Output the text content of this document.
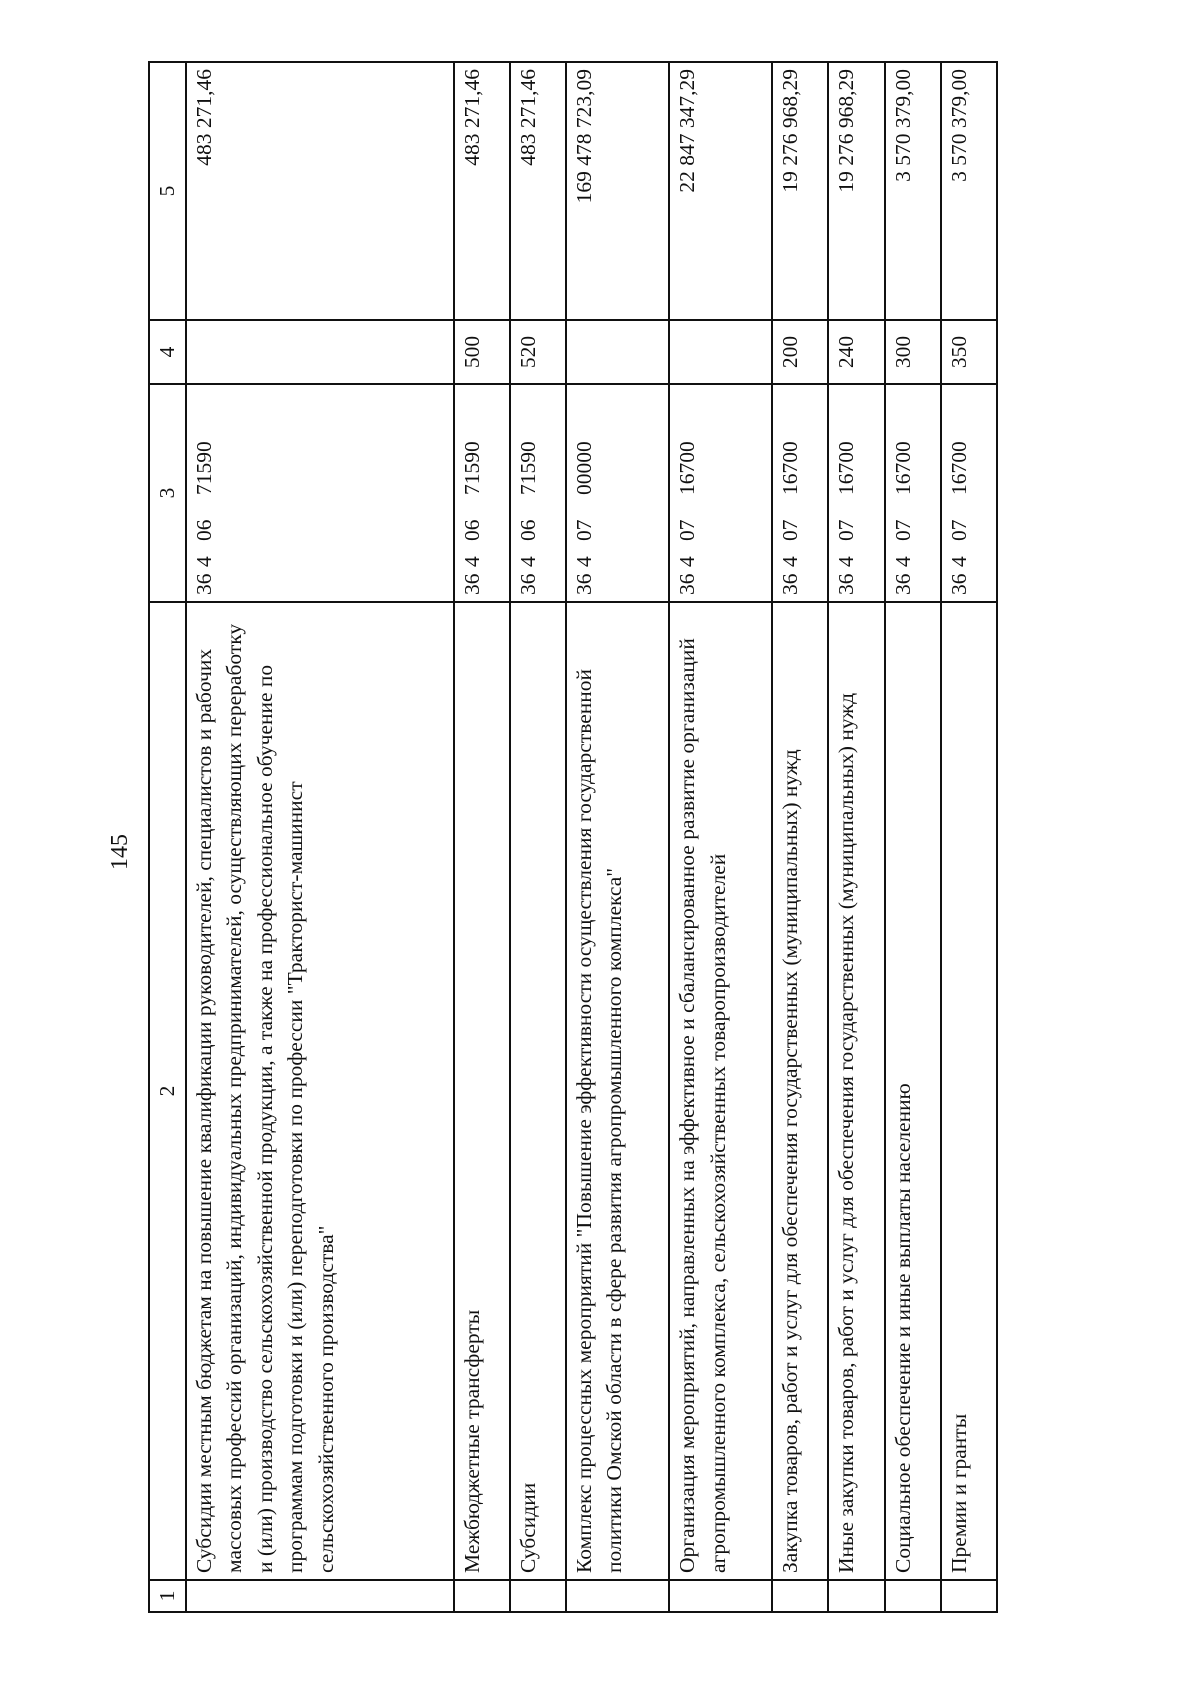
145
1	2	3	4	5
	Субсидии местным бюджетам на повышение квалификации руководителей, специалистов и рабочих массовых профессий организаций, индивидуальных предпринимателей, осуществляющих переработку и (или) производство сельскохозяйственной продукции, а также на профессиональное обучение по программам подготовки и (или) переподготовки по профессии "Тракторист-машинист сельскохозяйственного производства"	3640671590		483 271,46
	Межбюджетные трансферты	3640671590	500	483 271,46
	Субсидии	3640671590	520	483 271,46
	Комплекс процессных мероприятий "Повышение эффективности осуществления государственной политики Омской области в сфере развития агропромышленного комплекса"	3640700000		169 478 723,09
	Организация мероприятий, направленных на эффективное и сбалансированное развитие организаций агропромышленного комплекса, сельскохозяйственных товаропроизводителей	3640716700		22 847 347,29
	Закупка товаров, работ и услуг для обеспечения государственных (муниципальных) нужд	3640716700	200	19 276 968,29
	Иные закупки товаров, работ и услуг для обеспечения государственных (муниципальных) нужд	3640716700	240	19 276 968,29
	Социальное обеспечение и иные выплаты населению	3640716700	300	3 570 379,00
	Премии и гранты	3640716700	350	3 570 379,00
